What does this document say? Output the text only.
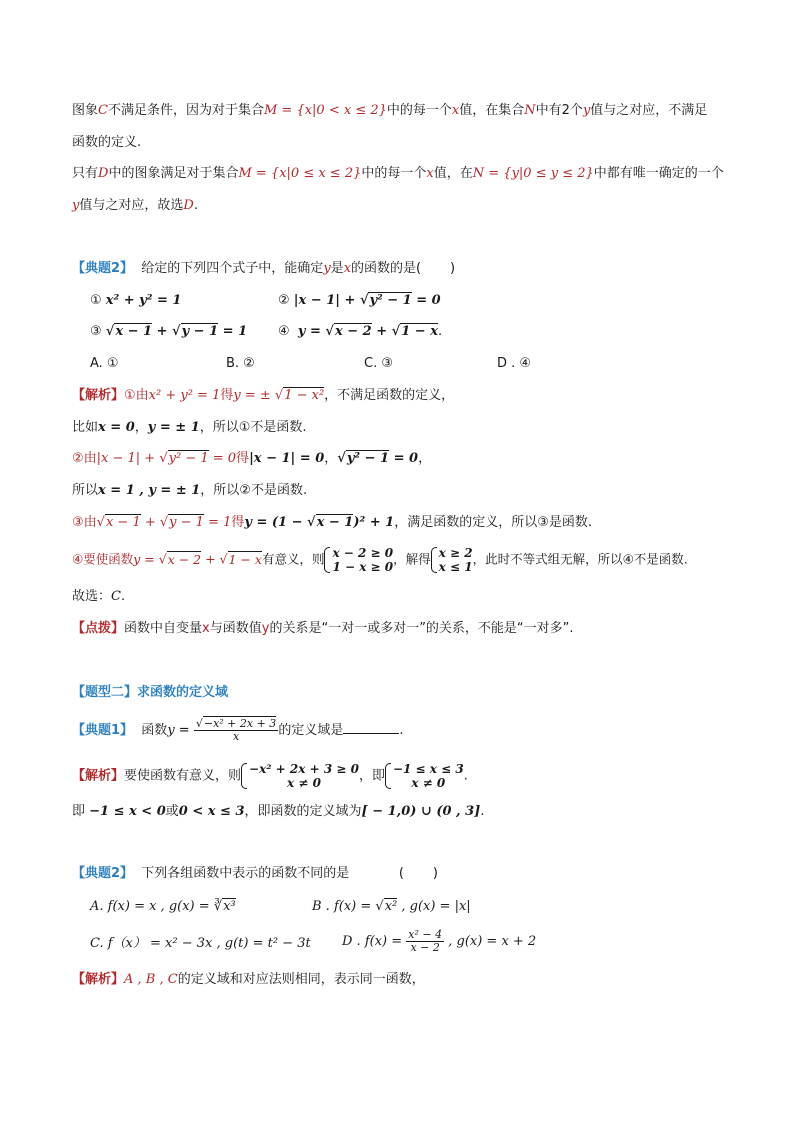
图象C不满足条件，因为对于集合M = {x|0 < x ≤ 2}中的每一个x值，在集合N中有2个y值与之对应，不满足
函数的定义.
只有D中的图象满足对于集合M = {x|0 ≤ x ≤ 2}中的每一个x值，在N = {y|0 ≤ y ≤ 2}中都有唯一确定的一个
y值与之对应，故选D.
【典题2】  给定的下列四个式子中，能确定y是x的函数的是(       )
① x² + y² = 1	② |x − 1| + √y² − 1 = 0
③ √x − 1 + √y − 1 = 1 ④  y = √x − 2 + √1 − x.
A. ①	B. ②	C. ③	D . ④
【解析】①由x² + y² = 1得y = ± √1 − x²，不满足函数的定义，
比如x = 0，y = ± 1，所以①不是函数.
②由|x − 1| + √y² − 1 = 0得|x − 1| = 0，√y² − 1 = 0，
所以x = 1 , y = ± 1，所以②不是函数.
③由√x − 1 + √y − 1 = 1得y = (1 − √x − 1)² + 1，满足函数的定义，所以③是函数.
④要使函数y = √x − 2 + √1 − x有意义，则 x − 2 ≥ 0
1 − x ≥ 0
，解得 x ≥ 2
x ≤ 1
，此时不等式组无解，所以④不是函数.
故选：C.
【点拨】函数中自变量x与函数值y的关系是“一对一或多对一”的关系，不能是“一对多”.
【题型二】求函数的定义域
【典题1】  函数$y = \frac{\text{√−x² + 2x + 3}}{x}$ 的定义域是	.
【解析】要使函数有意义，则 −x² + 2x + 3 ≥ 0
x ≠ 0	，即 −1 ≤ x ≤ 3
x ≠ 0	.
即 −1 ≤ x < 0或0 < x ≤ 3，即函数的定义域为[ − 1,0) ∪ (0 , 3].
【典题2】  下列各组函数中表示的函数不同的是            (       )
A. f(x) = x , g(x) = ∛x³	B . f(x) = √x² , g(x) = |x|
C. f（x） = x² − 3x , g(t) = t² − 3t D . $f(x) = \frac{\text{x² − 4}}{x - 2}$ , g(x) = x + 2
【解析】A , B , C的定义域和对应法则相同，表示同一函数，
